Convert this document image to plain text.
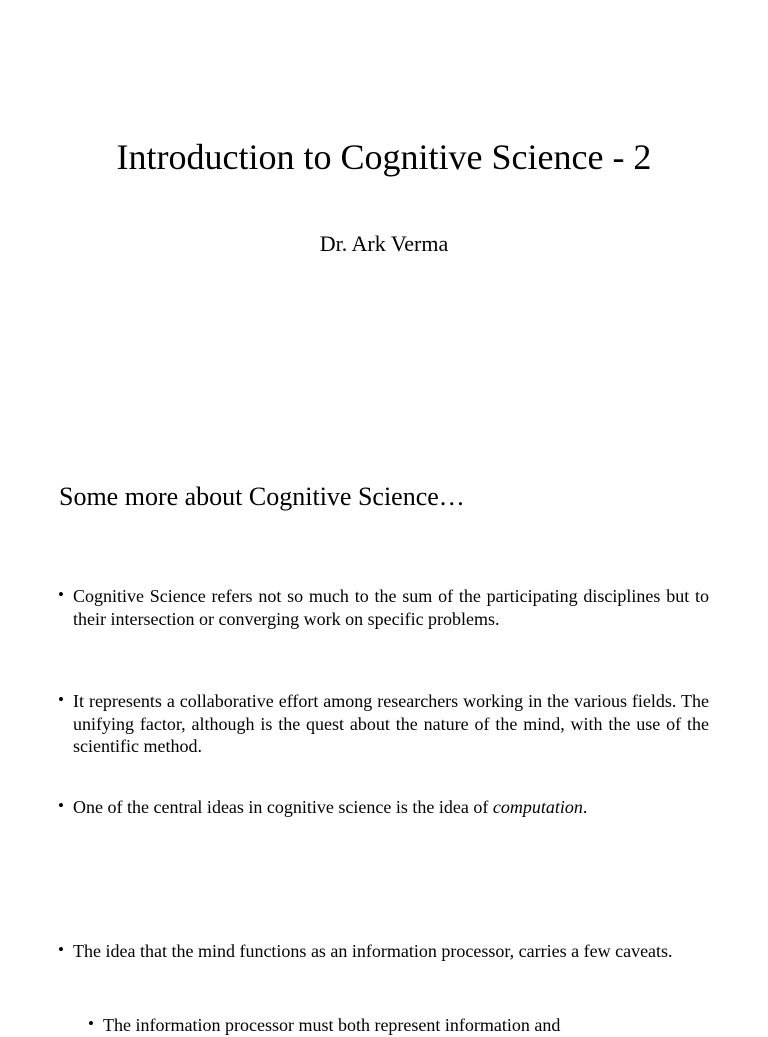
Introduction to Cognitive Science - 2
Dr. Ark Verma
Some more about Cognitive Science…
• Cognitive Science refers not so much to the sum of the participating disciplines but to their intersection or converging work on specific problems.
• It represents a collaborative effort among researchers working in the various fields. The unifying factor, although is the quest about the nature of the mind, with the use of the scientific method.
• One of the central ideas in cognitive science is the idea of computation.
• The idea that the mind functions as an information processor, carries a few caveats.
• The information processor must both represent information and
